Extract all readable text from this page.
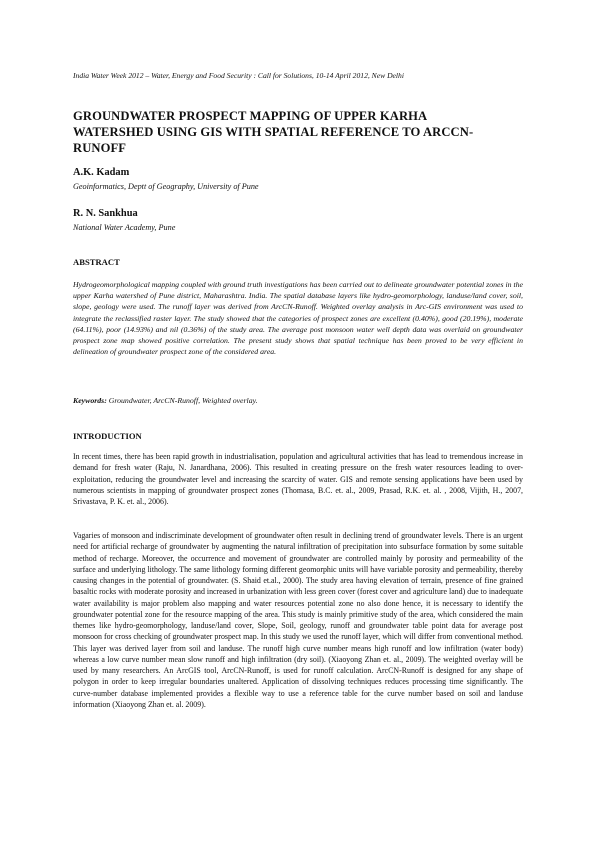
India Water Week 2012 – Water, Energy and Food Security : Call for Solutions, 10-14 April 2012, New Delhi
GROUNDWATER PROSPECT MAPPING OF UPPER KARHA
WATERSHED USING GIS WITH SPATIAL REFERENCE TO ARCCN-
RUNOFF
A.K. Kadam
Geoinformatics, Deptt of Geography, University of Pune
R. N. Sankhua
National Water Academy, Pune
ABSTRACT
Hydrogeomorphological mapping coupled with ground truth investigations has been carried out to delineate groundwater potential zones in the upper Karha watershed of Pune district, Maharashtra. India. The spatial database layers like hydro-geomorphology, landuse/land cover, soil, slope, geology were used. The runoff layer was derived from ArcCN-Runoff. Weighted overlay analysis in Arc-GIS environment was used to integrate the reclassified raster layer. The study showed that the categories of prospect zones are excellent (0.40%), good (20.19%), moderate (64.11%), poor (14.93%) and nil (0.36%) of the study area. The average post monsoon water well depth data was overlaid on groundwater prospect zone map showed positive correlation. The present study shows that spatial technique has been proved to be very efficient in delineation of groundwater prospect zone of the considered area.
Keywords: Groundwater, ArcCN-Runoff, Weighted overlay.
INTRODUCTION
In recent times, there has been rapid growth in industrialisation, population and agricultural activities that has lead to tremendous increase in demand for fresh water (Raju, N. Janardhana, 2006). This resulted in creating pressure on the fresh water resources leading to over-exploitation, reducing the groundwater level and increasing the scarcity of water. GIS and remote sensing applications have been used by numerous scientists in mapping of groundwater prospect zones (Thomasa, B.C. et. al., 2009, Prasad, R.K. et. al. , 2008, Vijith, H., 2007, Srivastava, P. K. et. al., 2006).
Vagaries of monsoon and indiscriminate development of groundwater often result in declining trend of groundwater levels. There is an urgent need for artificial recharge of groundwater by augmenting the natural infiltration of precipitation into subsurface formation by some suitable method of recharge. Moreover, the occurrence and movement of groundwater are controlled mainly by porosity and permeability of the surface and underlying lithology. The same lithology forming different geomorphic units will have variable porosity and permeability, thereby causing changes in the potential of groundwater. (S. Shaid et.al., 2000). The study area having elevation of terrain, presence of fine grained basaltic rocks with moderate porosity and increased in urbanization with less green cover (forest cover and agriculture land) due to inadequate water availability is major problem also mapping and water resources potential zone no also done hence, it is necessary to identify the groundwater potential zone for the resource mapping of the area. This study is mainly primitive study of the area, which considered the main themes like hydro-geomorphology, landuse/land cover, Slope, Soil, geology, runoff and groundwater table point data for average post monsoon for cross checking of groundwater prospect map. In this study we used the runoff layer, which will differ from conventional method. This layer was derived layer from soil and landuse. The runoff high curve number means high runoff and low infiltration (water body) whereas a low curve number mean slow runoff and high infiltration (dry soil). (Xiaoyong Zhan et. al., 2009). The weighted overlay will be used by many researchers. An ArcGIS tool, ArcCN-Runoff, is used for runoff calculation. ArcCN-Runoff is designed for any shape of polygon in order to keep irregular boundaries unaltered. Application of dissolving techniques reduces processing time significantly. The curve-number database implemented provides a flexible way to use a reference table for the curve number based on soil and landuse information (Xiaoyong Zhan et. al. 2009).
